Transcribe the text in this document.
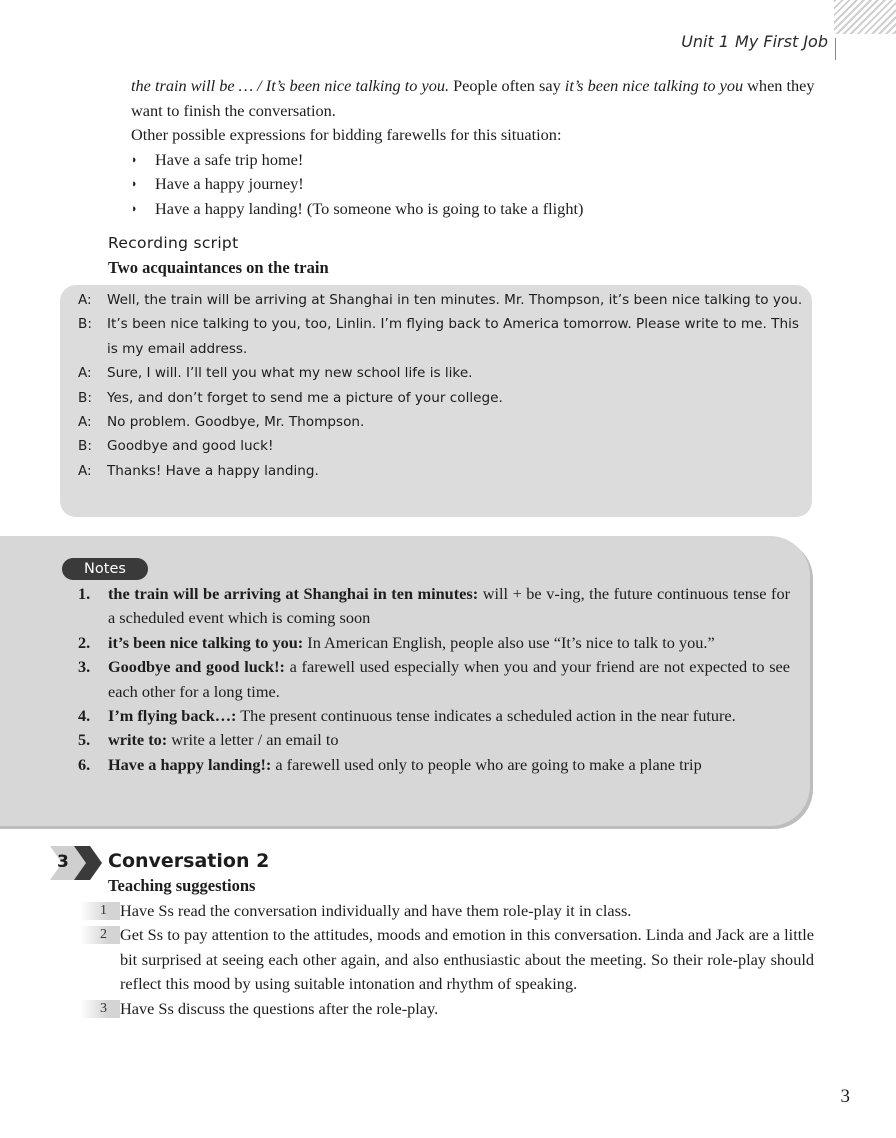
Unit 1 My First Job

the train will be … / It’s been nice talking to you. People often say it’s been nice talking to you when they want to finish the conversation.

Other possible expressions for bidding farewells for this situation:

◗ Have a safe trip home!
◗ Have a happy journey!
◗ Have a happy landing! (To someone who is going to take a flight)
Recording script
Two acquaintances on the train
A:	Well, the train will be arriving at Shanghai in ten minutes. Mr. Thompson, it’s been nice talking to you.
B:	It’s been nice talking to you, too, Linlin. I’m flying back to America tomorrow. Please write to me. This is my email address.
A:	Sure, I will. I’ll tell you what my new school life is like.
B:	Yes, and don’t forget to send me a picture of your college.
A:	No problem. Goodbye, Mr. Thompson.
B:	Goodbye and good luck!
A:	Thanks! Have a happy landing.
Notes
1.	the train will be arriving at Shanghai in ten minutes: will + be v-ing, the future continuous tense for a scheduled event which is coming soon
2.	it’s been nice talking to you: In American English, people also use “It’s nice to talk to you.”
3.	Goodbye and good luck!: a farewell used especially when you and your friend are not expected to see each other for a long time.
4.	I’m flying back…: The present continuous tense indicates a scheduled action in the near future.
5.	write to: write a letter / an email to
6.	Have a happy landing!: a farewell used only to people who are going to make a plane trip
3	Conversation 2
Teaching suggestions
1 Have Ss read the conversation individually and have them role-play it in class.
2 Get Ss to pay attention to the attitudes, moods and emotion in this conversation. Linda and Jack are a little bit surprised at seeing each other again, and also enthusiastic about the meeting. So their role-play should reflect this mood by using suitable intonation and rhythm of speaking.
3 Have Ss discuss the questions after the role-play.
3
